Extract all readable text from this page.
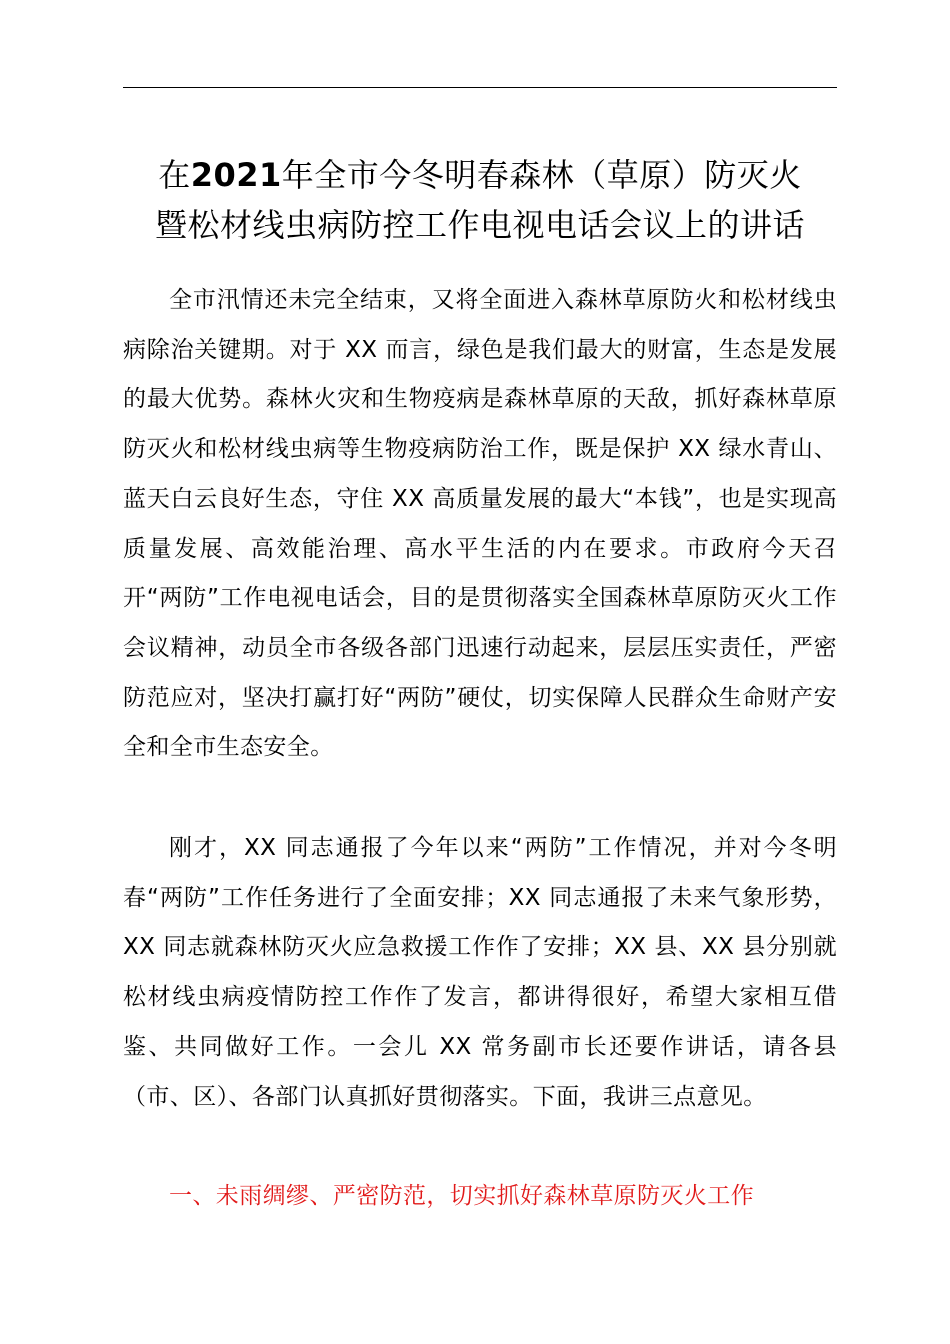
在2021年全市今冬明春森林（草原）防灭火
暨松材线虫病防控工作电视电话会议上的讲话

全市汛情还未完全结束，又将全面进入森林草原防火和松材线虫病除治关键期。对于 XX 而言，绿色是我们最大的财富，生态是发展的最大优势。森林火灾和生物疫病是森林草原的天敌，抓好森林草原防灭火和松材线虫病等生物疫病防治工作，既是保护 XX 绿水青山、蓝天白云良好生态，守住 XX 高质量发展的最大“本钱”，也是实现高质量发展、高效能治理、高水平生活的内在要求。市政府今天召开“两防”工作电视电话会，目的是贯彻落实全国森林草原防灭火工作会议精神，动员全市各级各部门迅速行动起来，层层压实责任，严密防范应对，坚决打赢打好“两防”硬仗，切实保障人民群众生命财产安全和全市生态安全。

刚才，XX 同志通报了今年以来“两防”工作情况，并对今冬明春“两防”工作任务进行了全面安排；XX 同志通报了未来气象形势，XX 同志就森林防灭火应急救援工作作了安排；XX 县、XX 县分别就松材线虫病疫情防控工作作了发言，都讲得很好，希望大家相互借鉴、共同做好工作。一会儿 XX 常务副市长还要作讲话，请各县（市、区）、各部门认真抓好贯彻落实。下面，我讲三点意见。

一、未雨绸缪、严密防范，切实抓好森林草原防灭火工作
